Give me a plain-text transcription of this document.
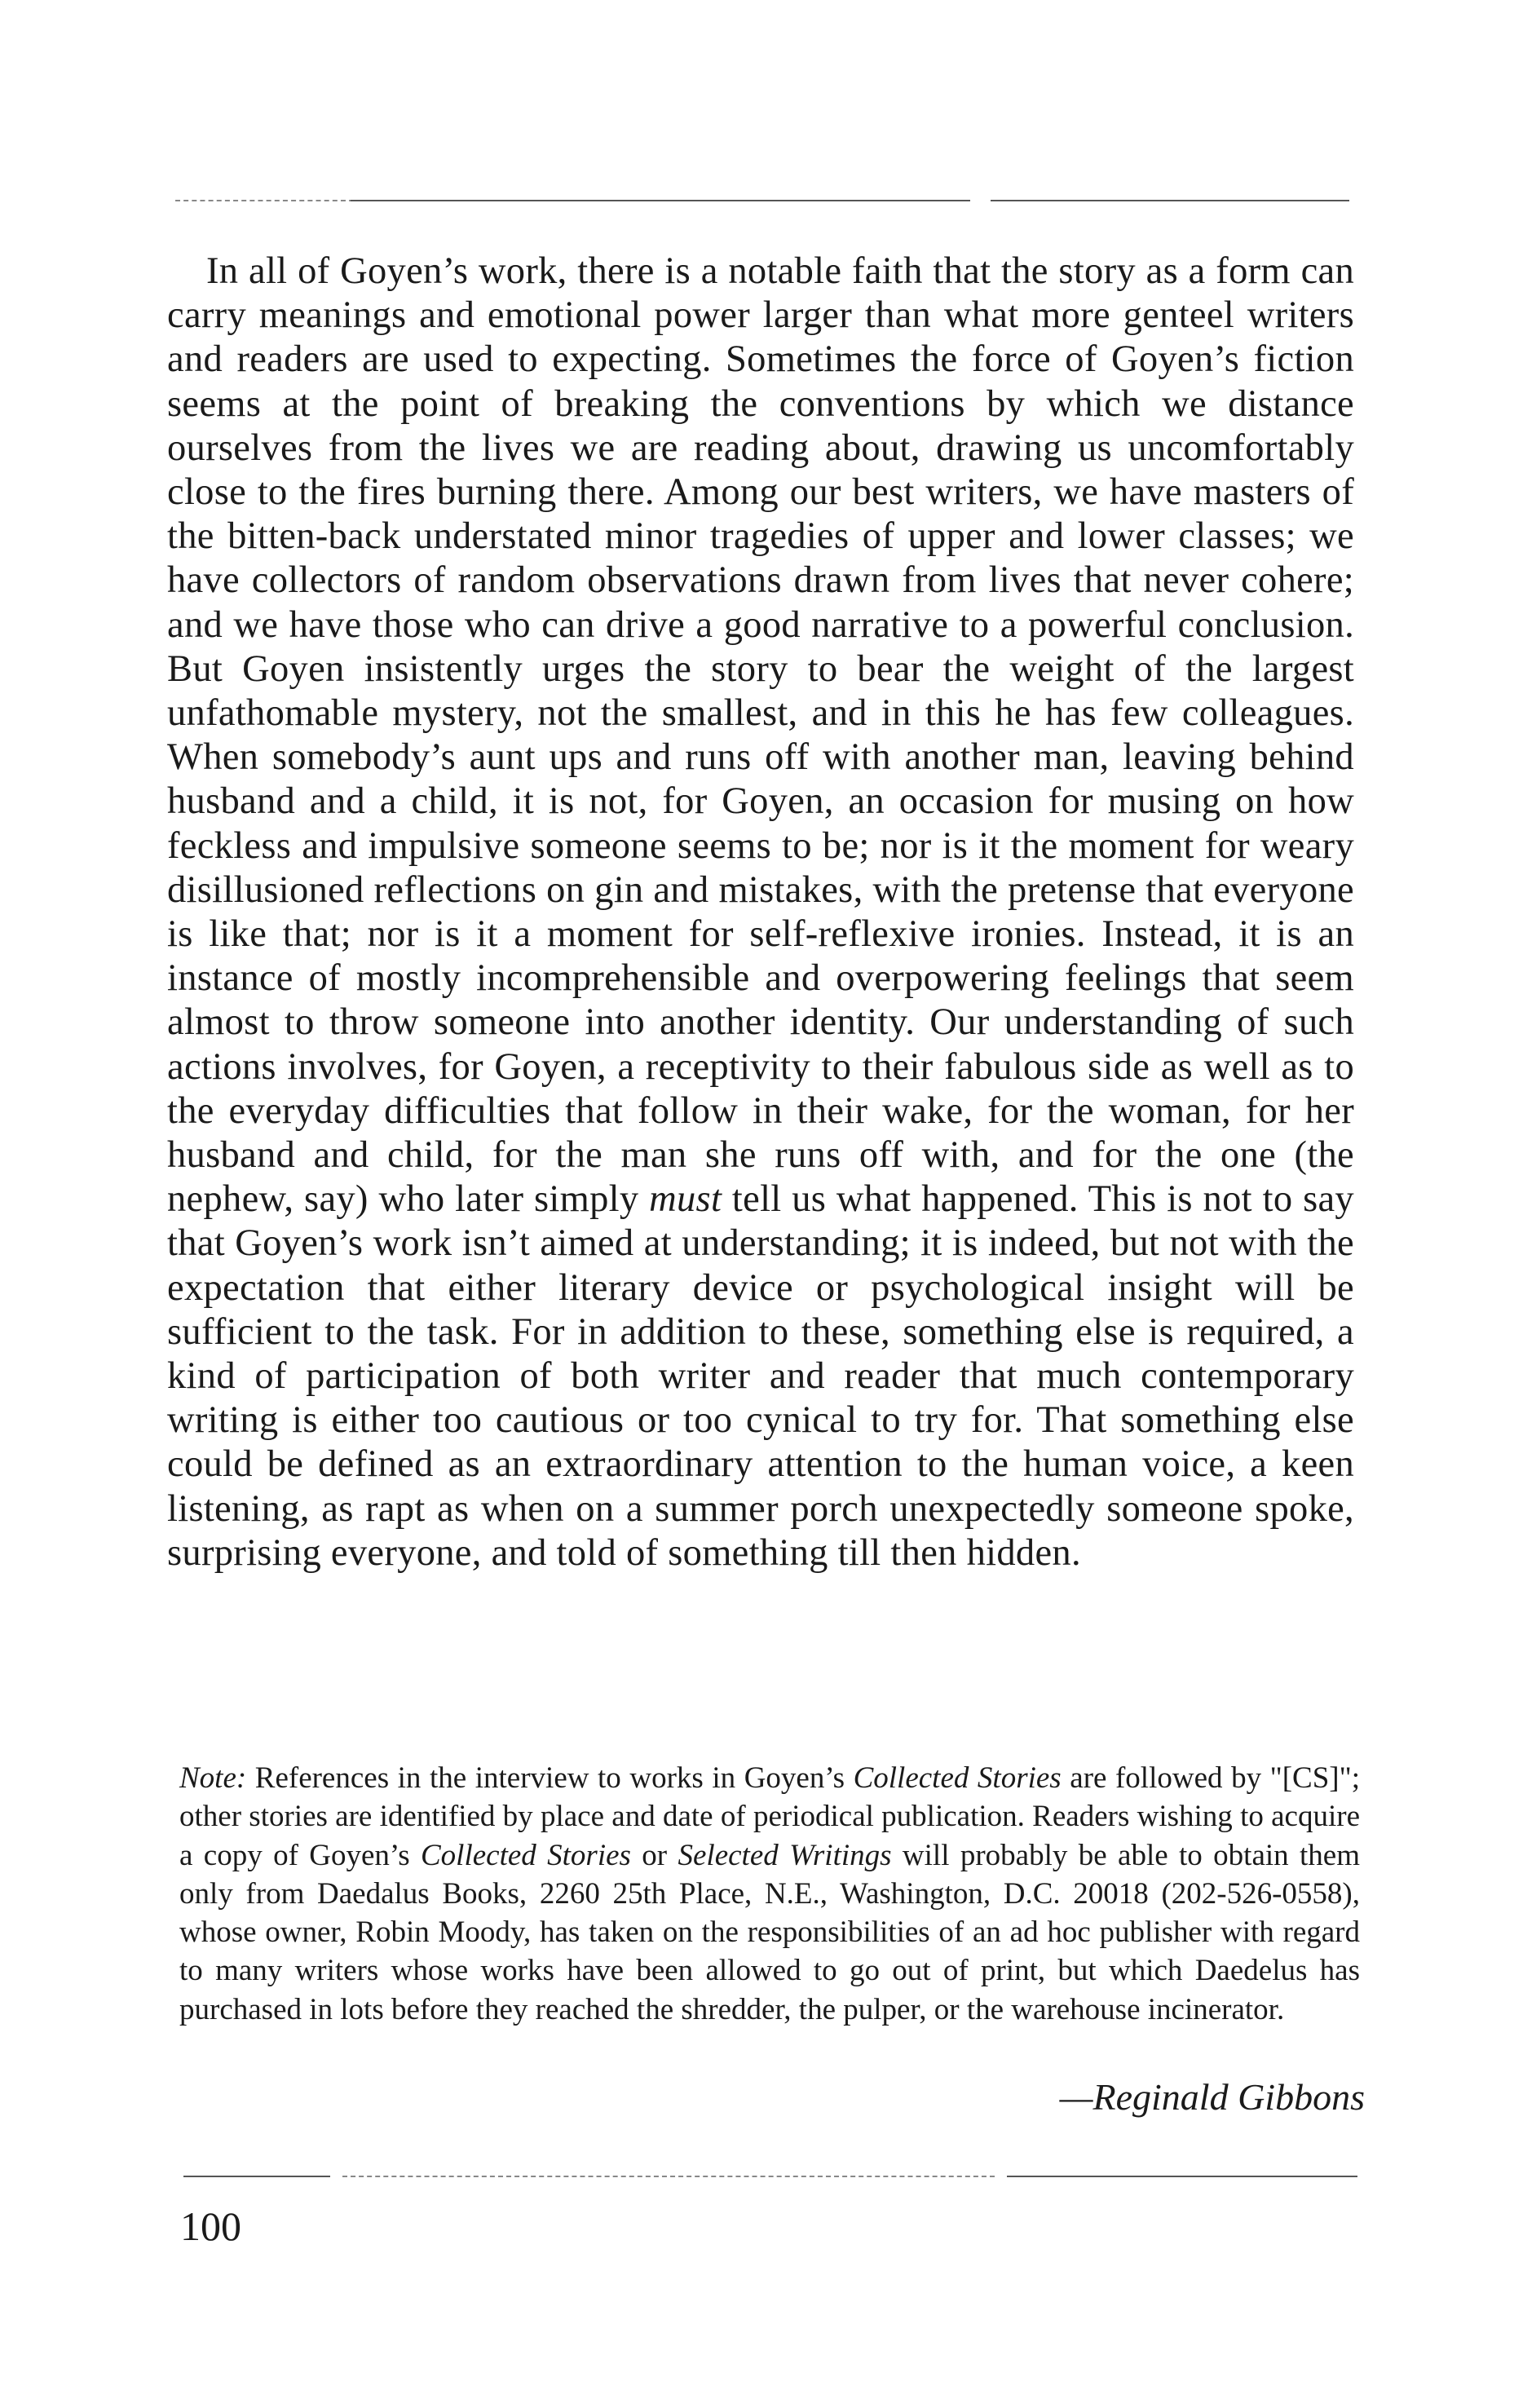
In all of Goyen’s work, there is a notable faith that the story as a form can carry meanings and emotional power larger than what more genteel writers and readers are used to expecting. Sometimes the force of Goyen’s fiction seems at the point of breaking the conventions by which we distance ourselves from the lives we are reading about, drawing us uncomfortably close to the fires burning there. Among our best writers, we have masters of the bitten-back understated minor tragedies of upper and lower classes; we have collectors of random observations drawn from lives that never cohere; and we have those who can drive a good narrative to a powerful conclusion. But Goyen insistently urges the story to bear the weight of the largest unfathomable mystery, not the smallest, and in this he has few colleagues. When somebody’s aunt ups and runs off with another man, leaving behind husband and a child, it is not, for Goyen, an occasion for musing on how feckless and impulsive someone seems to be; nor is it the moment for weary disillusioned reflections on gin and mistakes, with the pretense that everyone is like that; nor is it a moment for self-reflexive ironies. Instead, it is an instance of mostly incomprehensible and overpowering feelings that seem almost to throw someone into another identity. Our understanding of such actions involves, for Goyen, a receptivity to their fabulous side as well as to the everyday difficulties that follow in their wake, for the woman, for her husband and child, for the man she runs off with, and for the one (the nephew, say) who later simply must tell us what happened. This is not to say that Goyen’s work isn’t aimed at understanding; it is indeed, but not with the expectation that either literary device or psychological insight will be sufficient to the task. For in addition to these, something else is required, a kind of participation of both writer and reader that much contemporary writing is either too cautious or too cynical to try for. That something else could be defined as an extraordinary attention to the human voice, a keen listening, as rapt as when on a summer porch unexpectedly someone spoke, surprising everyone, and told of something till then hidden.

Note: References in the interview to works in Goyen’s Collected Stories are followed by "[CS]"; other stories are identified by place and date of periodical publication. Readers wishing to acquire a copy of Goyen’s Collected Stories or Selected Writings will probably be able to obtain them only from Daedalus Books, 2260 25th Place, N.E., Washington, D.C. 20018 (202-526-0558), whose owner, Robin Moody, has taken on the responsibilities of an ad hoc publisher with regard to many writers whose works have been allowed to go out of print, but which Daedelus has purchased in lots before they reached the shredder, the pulper, or the warehouse incinerator.

—Reginald Gibbons

100
